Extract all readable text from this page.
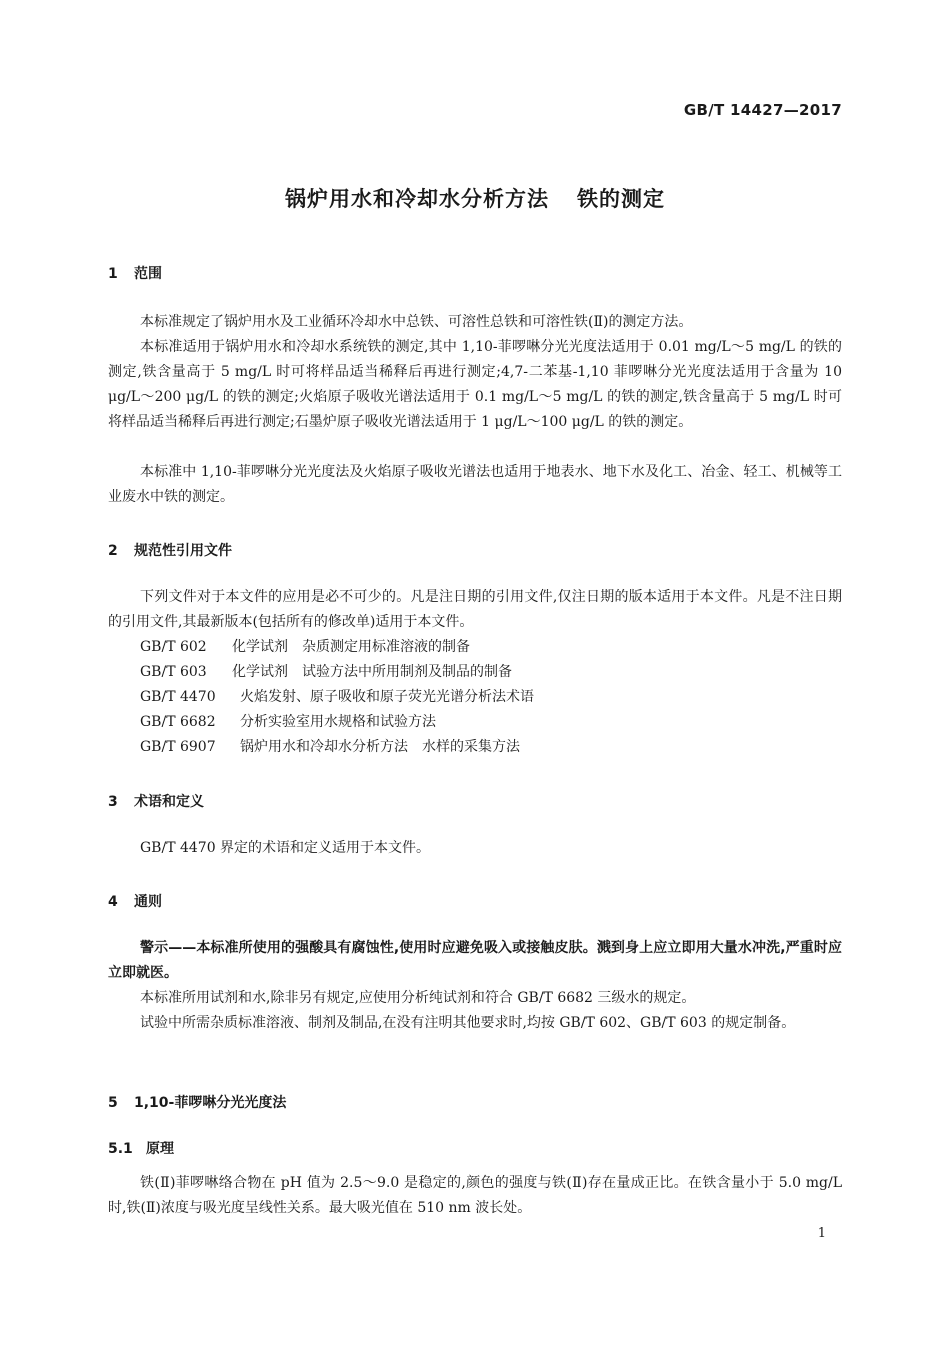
GB/T 14427—2017
锅炉用水和冷却水分析方法 铁的测定
1 范围

本标准规定了锅炉用水及工业循环冷却水中总铁、可溶性总铁和可溶性铁(Ⅱ)的测定方法。

本标准适用于锅炉用水和冷却水系统铁的测定,其中 1,10-菲啰啉分光光度法适用于 0.01 mg/L～5 mg/L 的铁的测定,铁含量高于 5 mg/L 时可将样品适当稀释后再进行测定;4,7-二苯基-1,10 菲啰啉分光光度法适用于含量为 10 μg/L～200 μg/L 的铁的测定;火焰原子吸收光谱法适用于 0.1 mg/L～5 mg/L 的铁的测定,铁含量高于 5 mg/L 时可将样品适当稀释后再进行测定;石墨炉原子吸收光谱法适用于 1 μg/L～100 μg/L 的铁的测定。

本标准中 1,10-菲啰啉分光光度法及火焰原子吸收光谱法也适用于地表水、地下水及化工、冶金、轻工、机械等工业废水中铁的测定。

2 规范性引用文件

下列文件对于本文件的应用是必不可少的。凡是注日期的引用文件,仅注日期的版本适用于本文件。凡是不注日期的引用文件,其最新版本(包括所有的修改单)适用于本文件。

GB/T 602 化学试剂　杂质测定用标准溶液的制备
GB/T 603 化学试剂　试验方法中所用制剂及制品的制备
GB/T 4470 火焰发射、原子吸收和原子荧光光谱分析法术语
GB/T 6682 分析实验室用水规格和试验方法
GB/T 6907 锅炉用水和冷却水分析方法　水样的采集方法
3 术语和定义

GB/T 4470 界定的术语和定义适用于本文件。

4 通则

警示——本标准所使用的强酸具有腐蚀性,使用时应避免吸入或接触皮肤。溅到身上应立即用大量水冲洗,严重时应立即就医。

本标准所用试剂和水,除非另有规定,应使用分析纯试剂和符合 GB/T 6682 三级水的规定。

试验中所需杂质标准溶液、制剂及制品,在没有注明其他要求时,均按 GB/T 602、GB/T 603 的规定制备。

5 1,10-菲啰啉分光光度法
5.1 原理

铁(Ⅱ)菲啰啉络合物在 pH 值为 2.5～9.0 是稳定的,颜色的强度与铁(Ⅱ)存在量成正比。在铁含量小于 5.0 mg/L 时,铁(Ⅱ)浓度与吸光度呈线性关系。最大吸光值在 510 nm 波长处。

1
